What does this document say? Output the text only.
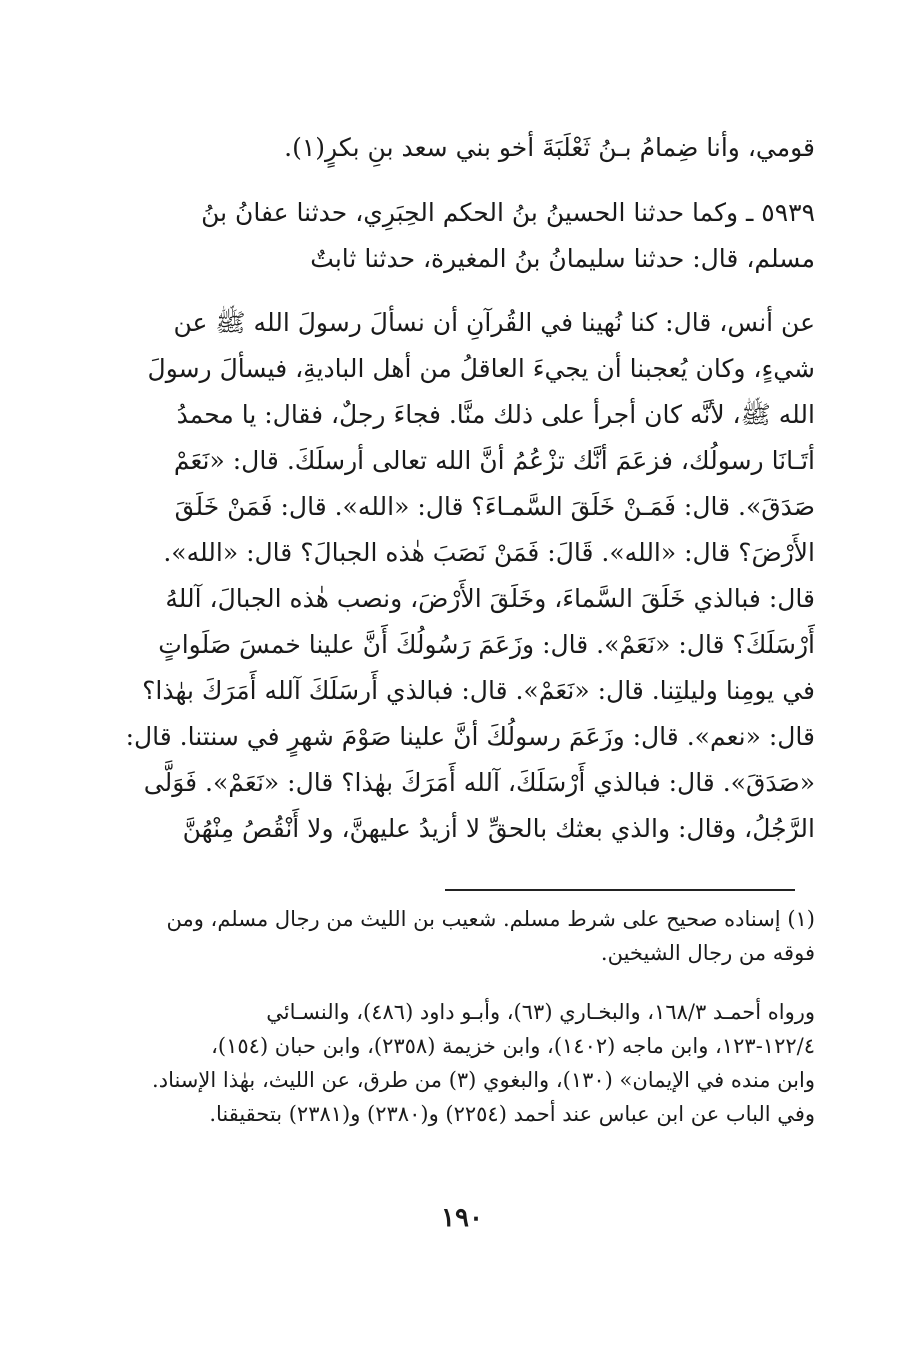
قومي، وأنا ضِمامُ بـنُ ثَعْلَبَةَ أخو بني سعد بنِ بكرٍ(١).
٥٩٣٩ ـ وكما حدثنا الحسينُ بنُ الحكم الحِبَرِي، حدثنا عفانُ بنُ
مسلم، قال: حدثنا سليمانُ بنُ المغيرة، حدثنا ثابتٌ
عن أنس، قال: كنا نُهينا في القُرآنِ أن نسألَ رسولَ الله ﷺ عن
شيءٍ، وكان يُعجبنا أن يجيءَ العاقلُ من أهل الباديةِ، فيسألَ رسولَ
الله ﷺ، لأنَّه كان أجرأ على ذلك منَّا. فجاءَ رجلٌ، فقال: يا محمدُ
أتَـانَا رسولُك، فزعَمَ أنَّك تزْعُمُ أنَّ الله تعالى أرسلَكَ. قال: «نَعَمْ
صَدَقَ». قال: فَمَـنْ خَلَقَ السَّمـاءَ؟ قال: «الله». قال: فَمَنْ خَلَقَ
الأَرْضَ؟ قال: «الله». قَالَ: فَمَنْ نَصَبَ هٰذه الجبالَ؟ قال: «الله».
قال: فبالذي خَلَقَ السَّماءَ، وخَلَقَ الأَرْضَ، ونصب هٰذه الجبالَ، آللهُ
أَرْسَلَكَ؟ قال: «نَعَمْ». قال: وزَعَمَ رَسُولُكَ أَنَّ علينا خمسَ صَلَواتٍ
في يومِنا وليلتِنا. قال: «نَعَمْ». قال: فبالذي أَرسَلَكَ آلله أَمَرَكَ بهٰذا؟
قال: «نعم». قال: وزَعَمَ رسولُكَ أنَّ علينا صَوْمَ شهرٍ في سنتنا. قال:
«صَدَقَ». قال: فبالذي أَرْسَلَكَ، آلله أَمَرَكَ بهٰذا؟ قال: «نَعَمْ». فَوَلَّى
الرَّجُلُ، وقال: والذي بعثك بالحقِّ لا أزيدُ عليهنَّ، ولا أَنْقُصُ مِنْهُنَّ
(١) إسناده صحيح على شرط مسلم. شعيب بن الليث من رجال مسلم، ومن
فوقه من رجال الشيخين.
ورواه أحمـد ١٦٨/٣، والبخـاري (٦٣)، وأبـو داود (٤٨٦)، والنسـائي
١٢٢/٤-١٢٣، وابن ماجه (١٤٠٢)، وابن خزيمة (٢٣٥٨)، وابن حبان (١٥٤)،
وابن منده في الإيمان» (١٣٠)، والبغوي (٣) من طرق، عن الليث، بهٰذا الإسناد.
وفي الباب عن ابن عباس عند أحمد (٢٢٥٤) و(٢٣٨٠) و(٢٣٨١) بتحقيقنا.
١٩٠
